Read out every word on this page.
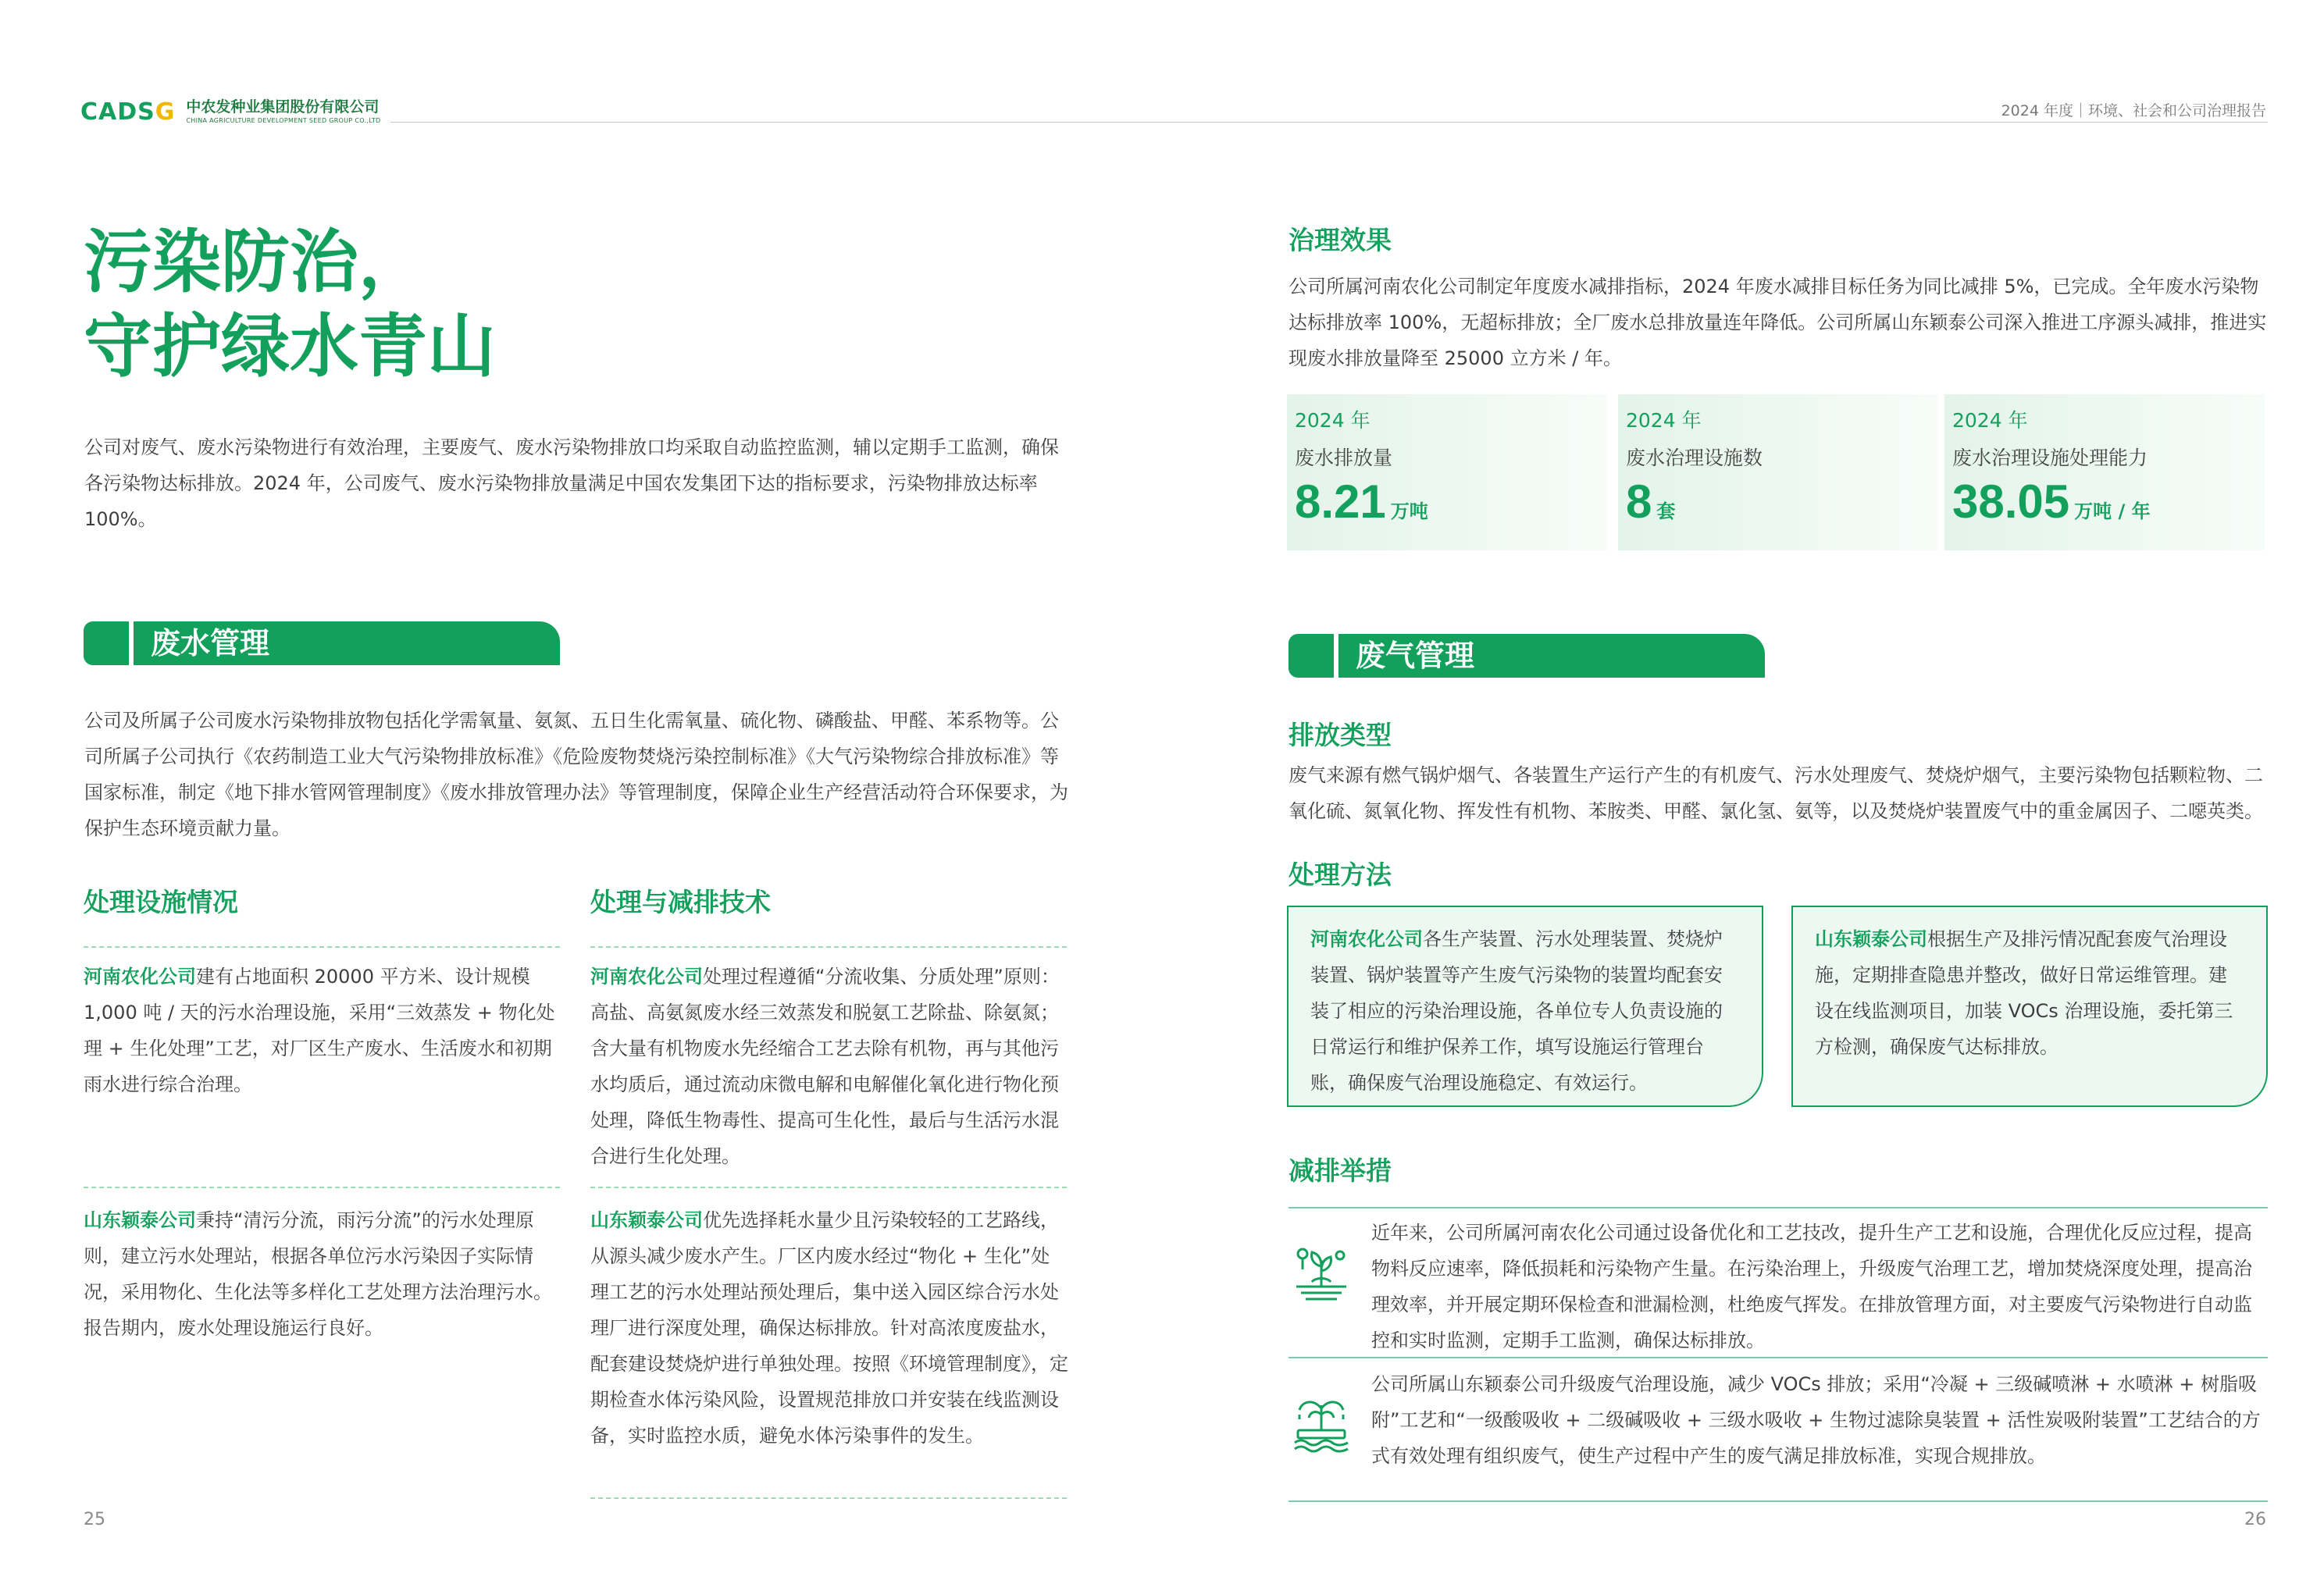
CADSG 中农发种业集团股份有限公司
CHINA AGRICULTURE DEVELOPMENT SEED GROUP CO.,LTD
2024 年度｜环境、社会和公司治理报告
污染防治，
守护绿水青山
公司对废气、废水污染物进行有效治理，主要废气、废水污染物排放口均采取自动监控监测，辅以定期手工监测，确保各污染物达标排放。2024 年，公司废气、废水污染物排放量满足中国农发集团下达的指标要求，污染物排放达标率 100%。
废水管理
公司及所属子公司废水污染物排放物包括化学需氧量、氨氮、五日生化需氧量、硫化物、磷酸盐、甲醛、苯系物等。公司所属子公司执行《农药制造工业大气污染物排放标准》《危险废物焚烧污染控制标准》《大气污染物综合排放标准》等国家标准，制定《地下排水管网管理制度》《废水排放管理办法》等管理制度，保障企业生产经营活动符合环保要求，为保护生态环境贡献力量。
处理设施情况	处理与减排技术
河南农化公司建有占地面积 20000 平方米、设计规模 1,000 吨 / 天的污水治理设施，采用“三效蒸发 + 物化处理 + 生化处理”工艺，对厂区生产废水、生活废水和初期雨水进行综合治理。
河南农化公司处理过程遵循“分流收集、分质处理”原则：高盐、高氨氮废水经三效蒸发和脱氨工艺除盐、除氨氮；含大量有机物废水先经缩合工艺去除有机物，再与其他污水均质后，通过流动床微电解和电解催化氧化进行物化预处理，降低生物毒性、提高可生化性，最后与生活污水混合进行生化处理。
山东颖泰公司秉持“清污分流，雨污分流”的污水处理原则，建立污水处理站，根据各单位污水污染因子实际情况，采用物化、生化法等多样化工艺处理方法治理污水。报告期内，废水处理设施运行良好。
山东颖泰公司优先选择耗水量少且污染较轻的工艺路线，从源头减少废水产生。厂区内废水经过“物化 + 生化”处理工艺的污水处理站预处理后，集中送入园区综合污水处理厂进行深度处理，确保达标排放。针对高浓度废盐水，配套建设焚烧炉进行单独处理。按照《环境管理制度》，定期检查水体污染风险，设置规范排放口并安装在线监测设备，实时监控水质，避免水体污染事件的发生。
25
治理效果
公司所属河南农化公司制定年度废水减排指标，2024 年废水减排目标任务为同比减排 5%，已完成。全年废水污染物达标排放率 100%，无超标排放；全厂废水总排放量连年降低。公司所属山东颖泰公司深入推进工序源头减排，推进实现废水排放量降至 25000 立方米 / 年。
2024 年
废水排放量
8.21 万吨
2024 年
废水治理设施数
8 套
2024 年
废水治理设施处理能力
38.05 万吨 / 年
废气管理
排放类型
废气来源有燃气锅炉烟气、各装置生产运行产生的有机废气、污水处理废气、焚烧炉烟气，主要污染物包括颗粒物、二氧化硫、氮氧化物、挥发性有机物、苯胺类、甲醛、氯化氢、氨等，以及焚烧炉装置废气中的重金属因子、二噁英类。
处理方法
河南农化公司各生产装置、污水处理装置、焚烧炉装置、锅炉装置等产生废气污染物的装置均配套安装了相应的污染治理设施，各单位专人负责设施的日常运行和维护保养工作，填写设施运行管理台账，确保废气治理设施稳定、有效运行。
山东颖泰公司根据生产及排污情况配套废气治理设施，定期排查隐患并整改，做好日常运维管理。建设在线监测项目，加装 VOCs 治理设施，委托第三方检测，确保废气达标排放。
减排举措
近年来，公司所属河南农化公司通过设备优化和工艺技改，提升生产工艺和设施，合理优化反应过程，提高物料反应速率，降低损耗和污染物产生量。在污染治理上，升级废气治理工艺，增加焚烧深度处理，提高治理效率，并开展定期环保检查和泄漏检测，杜绝废气挥发。在排放管理方面，对主要废气污染物进行自动监控和实时监测，定期手工监测，确保达标排放。
公司所属山东颖泰公司升级废气治理设施，减少 VOCs 排放；采用“冷凝 + 三级碱喷淋 + 水喷淋 + 树脂吸附”工艺和“一级酸吸收 + 二级碱吸收 + 三级水吸收 + 生物过滤除臭装置 + 活性炭吸附装置”工艺结合的方式有效处理有组织废气，使生产过程中产生的废气满足排放标准，实现合规排放。
26
